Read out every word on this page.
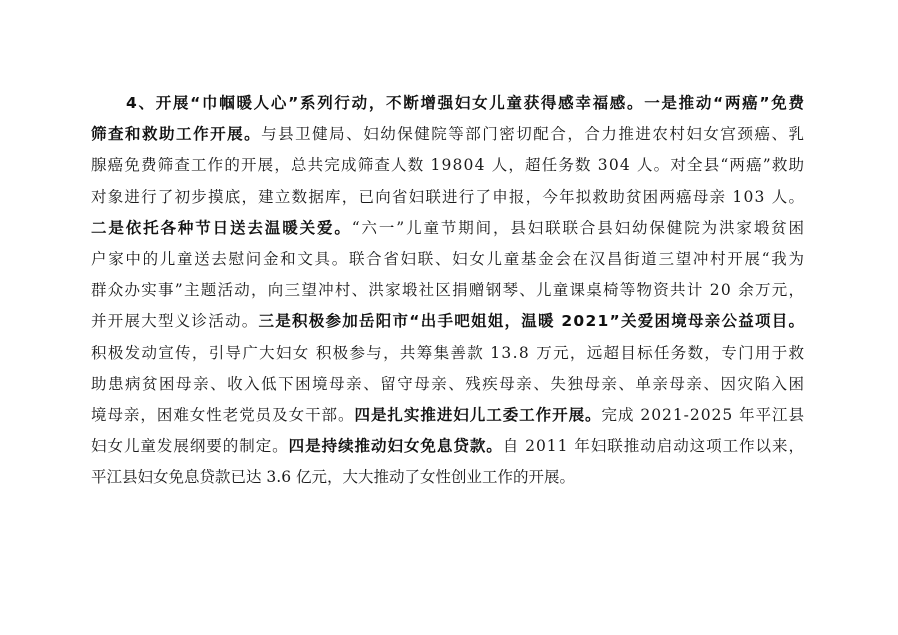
4、开展“巾帼暖人心”系列行动，不断增强妇女儿童获得感幸福感。一是推动“两癌”免费
筛查和救助工作开展。与县卫健局、妇幼保健院等部门密切配合，合力推进农村妇女宫颈癌、乳
腺癌免费筛查工作的开展，总共完成筛查人数 19804 人，超任务数 304 人。对全县“两癌”救助
对象进行了初步摸底，建立数据库，已向省妇联进行了申报，今年拟救助贫困两癌母亲 103 人。
二是依托各种节日送去温暖关爱。“六一”儿童节期间，县妇联联合县妇幼保健院为洪家塅贫困
户家中的儿童送去慰问金和文具。联合省妇联、妇女儿童基金会在汉昌街道三望冲村开展“我为
群众办实事”主题活动，向三望冲村、洪家塅社区捐赠钢琴、儿童课桌椅等物资共计 20 余万元，
并开展大型义诊活动。三是积极参加岳阳市“出手吧姐姐，温暖 2021”关爱困境母亲公益项目。
积极发动宣传，引导广大妇女 积极参与，共筹集善款 13.8 万元，远超目标任务数，专门用于救
助患病贫困母亲、收入低下困境母亲、留守母亲、残疾母亲、失独母亲、单亲母亲、因灾陷入困
境母亲，困难女性老党员及女干部。四是扎实推进妇儿工委工作开展。完成 2021-2025 年平江县
妇女儿童发展纲要的制定。四是持续推动妇女免息贷款。自 2011 年妇联推动启动这项工作以来，
平江县妇女免息贷款已达 3.6 亿元，大大推动了女性创业工作的开展。
